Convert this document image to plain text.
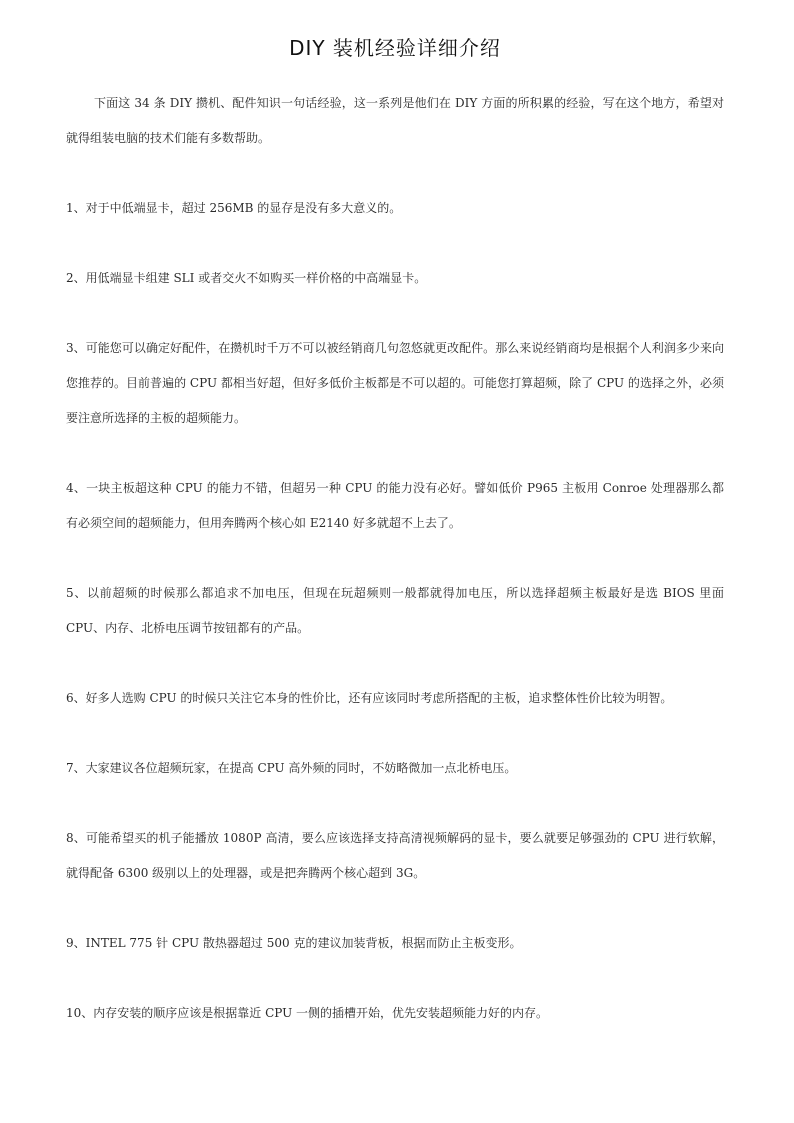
DIY 装机经验详细介绍

下面这 34 条 DIY 攒机、配件知识一句话经验，这一系列是他们在 DIY 方面的所积累的经验，写在这个地方，希望对就得组装电脑的技术们能有多数帮助。

1、对于中低端显卡，超过 256MB 的显存是没有多大意义的。

2、用低端显卡组建 SLI 或者交火不如购买一样价格的中高端显卡。

3、可能您可以确定好配件，在攒机时千万不可以被经销商几句忽悠就更改配件。那么来说经销商均是根据个人利润多少来向您推荐的。目前普遍的 CPU 都相当好超，但好多低价主板都是不可以超的。可能您打算超频，除了 CPU 的选择之外，必须要注意所选择的主板的超频能力。

4、一块主板超这种 CPU 的能力不错，但超另一种 CPU 的能力没有必好。譬如低价 P965 主板用 Conroe 处理器那么都有必须空间的超频能力，但用奔腾两个核心如 E2140 好多就超不上去了。

5、以前超频的时候那么都追求不加电压，但现在玩超频则一般都就得加电压，所以选择超频主板最好是选 BIOS 里面 CPU、内存、北桥电压调节按钮都有的产品。

6、好多人选购 CPU 的时候只关注它本身的性价比，还有应该同时考虑所搭配的主板，追求整体性价比较为明智。

7、大家建议各位超频玩家，在提高 CPU 高外频的同时，不妨略微加一点北桥电压。

8、可能希望买的机子能播放 1080P 高清，要么应该选择支持高清视频解码的显卡，要么就要足够强劲的 CPU 进行软解，就得配备 6300 级别以上的处理器，或是把奔腾两个核心超到 3G。

9、INTEL 775 针 CPU 散热器超过 500 克的建议加装背板，根据而防止主板变形。

10、内存安装的顺序应该是根据靠近 CPU 一侧的插槽开始，优先安装超频能力好的内存。
